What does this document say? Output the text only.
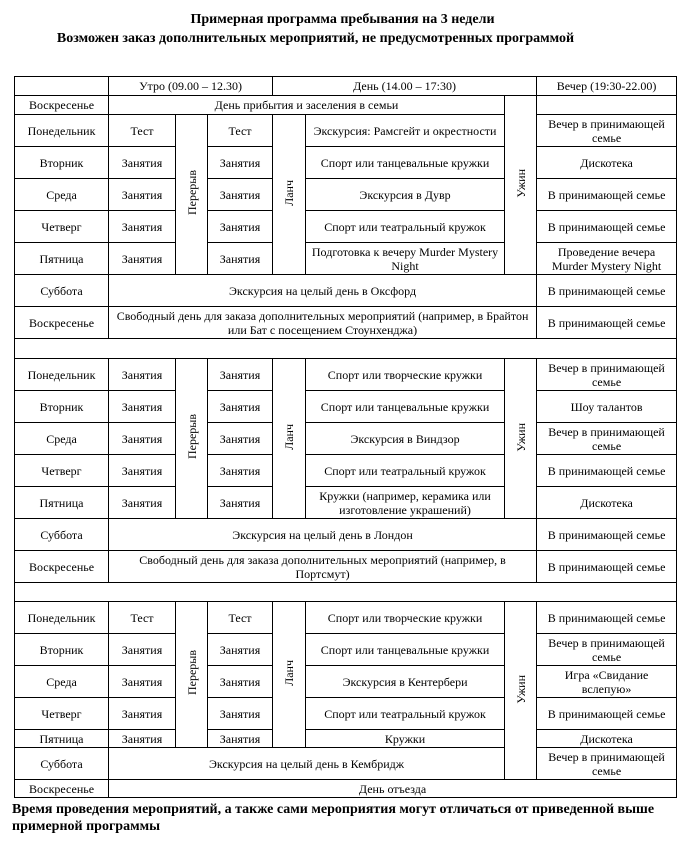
Примерная программа пребывания на 3 недели
Возможен заказ дополнительных мероприятий, не предусмотренных программой
	Утро (09.00 – 12.30)			День (14.00 – 17:30)			Вечер (19:30-22.00)
Воскресенье	День прибытия и заселения в семьи					Ужин	
Понедельник	Тест	Перерыв	Тест	Ланч	Экскурсия: Рамсгейт и окрестности		Вечер в принимающей семье
Вторник	Занятия		Занятия		Спорт или танцевальные кружки		Дискотека
Среда	Занятия		Занятия		Экскурсия в Дувр		В принимающей семье
Четверг	Занятия		Занятия		Спорт или театральный кружок		В принимающей семье
Пятница	Занятия		Занятия		Подготовка к вечеру Murder Mystery Night		Проведение вечера Murder Mystery Night
Суббота	Экскурсия на целый день в Оксфорд						В принимающей семье
Воскресенье	Свободный день для заказа дополнительных мероприятий (например, в Брайтон или Бат с посещением Стоунхенджа)						В принимающей семье

Понедельник	Занятия	Перерыв	Занятия	Ланч	Спорт или творческие кружки	Ужин	Вечер в принимающей семье
Вторник	Занятия		Занятия		Спорт или танцевальные кружки		Шоу талантов
Среда	Занятия		Занятия		Экскурсия в Виндзор		Вечер в принимающей семье
Четверг	Занятия		Занятия		Спорт или театральный кружок		В принимающей семье
Пятница	Занятия		Занятия		Кружки (например, керамика или изготовление украшений)		Дискотека
Суббота	Экскурсия на целый день в Лондон						В принимающей семье
Воскресенье	Свободный день для заказа дополнительных мероприятий (например, в Портсмут)						В принимающей семье

Понедельник	Тест	Перерыв	Тест	Ланч	Спорт или творческие кружки	Ужин	В принимающей семье
Вторник	Занятия		Занятия		Спорт или танцевальные кружки		Вечер в принимающей семье
Среда	Занятия		Занятия		Экскурсия в Кентербери		Игра «Свидание вслепую»
Четверг	Занятия		Занятия		Спорт или театральный кружок		В принимающей семье
Пятница	Занятия		Занятия		Кружки		Дискотека
Суббота	Экскурсия на целый день в Кембридж						Вечер в принимающей семье
Воскресенье	День отъезда						
Время проведения мероприятий, а также сами мероприятия могут отличаться от приведенной выше примерной программы
